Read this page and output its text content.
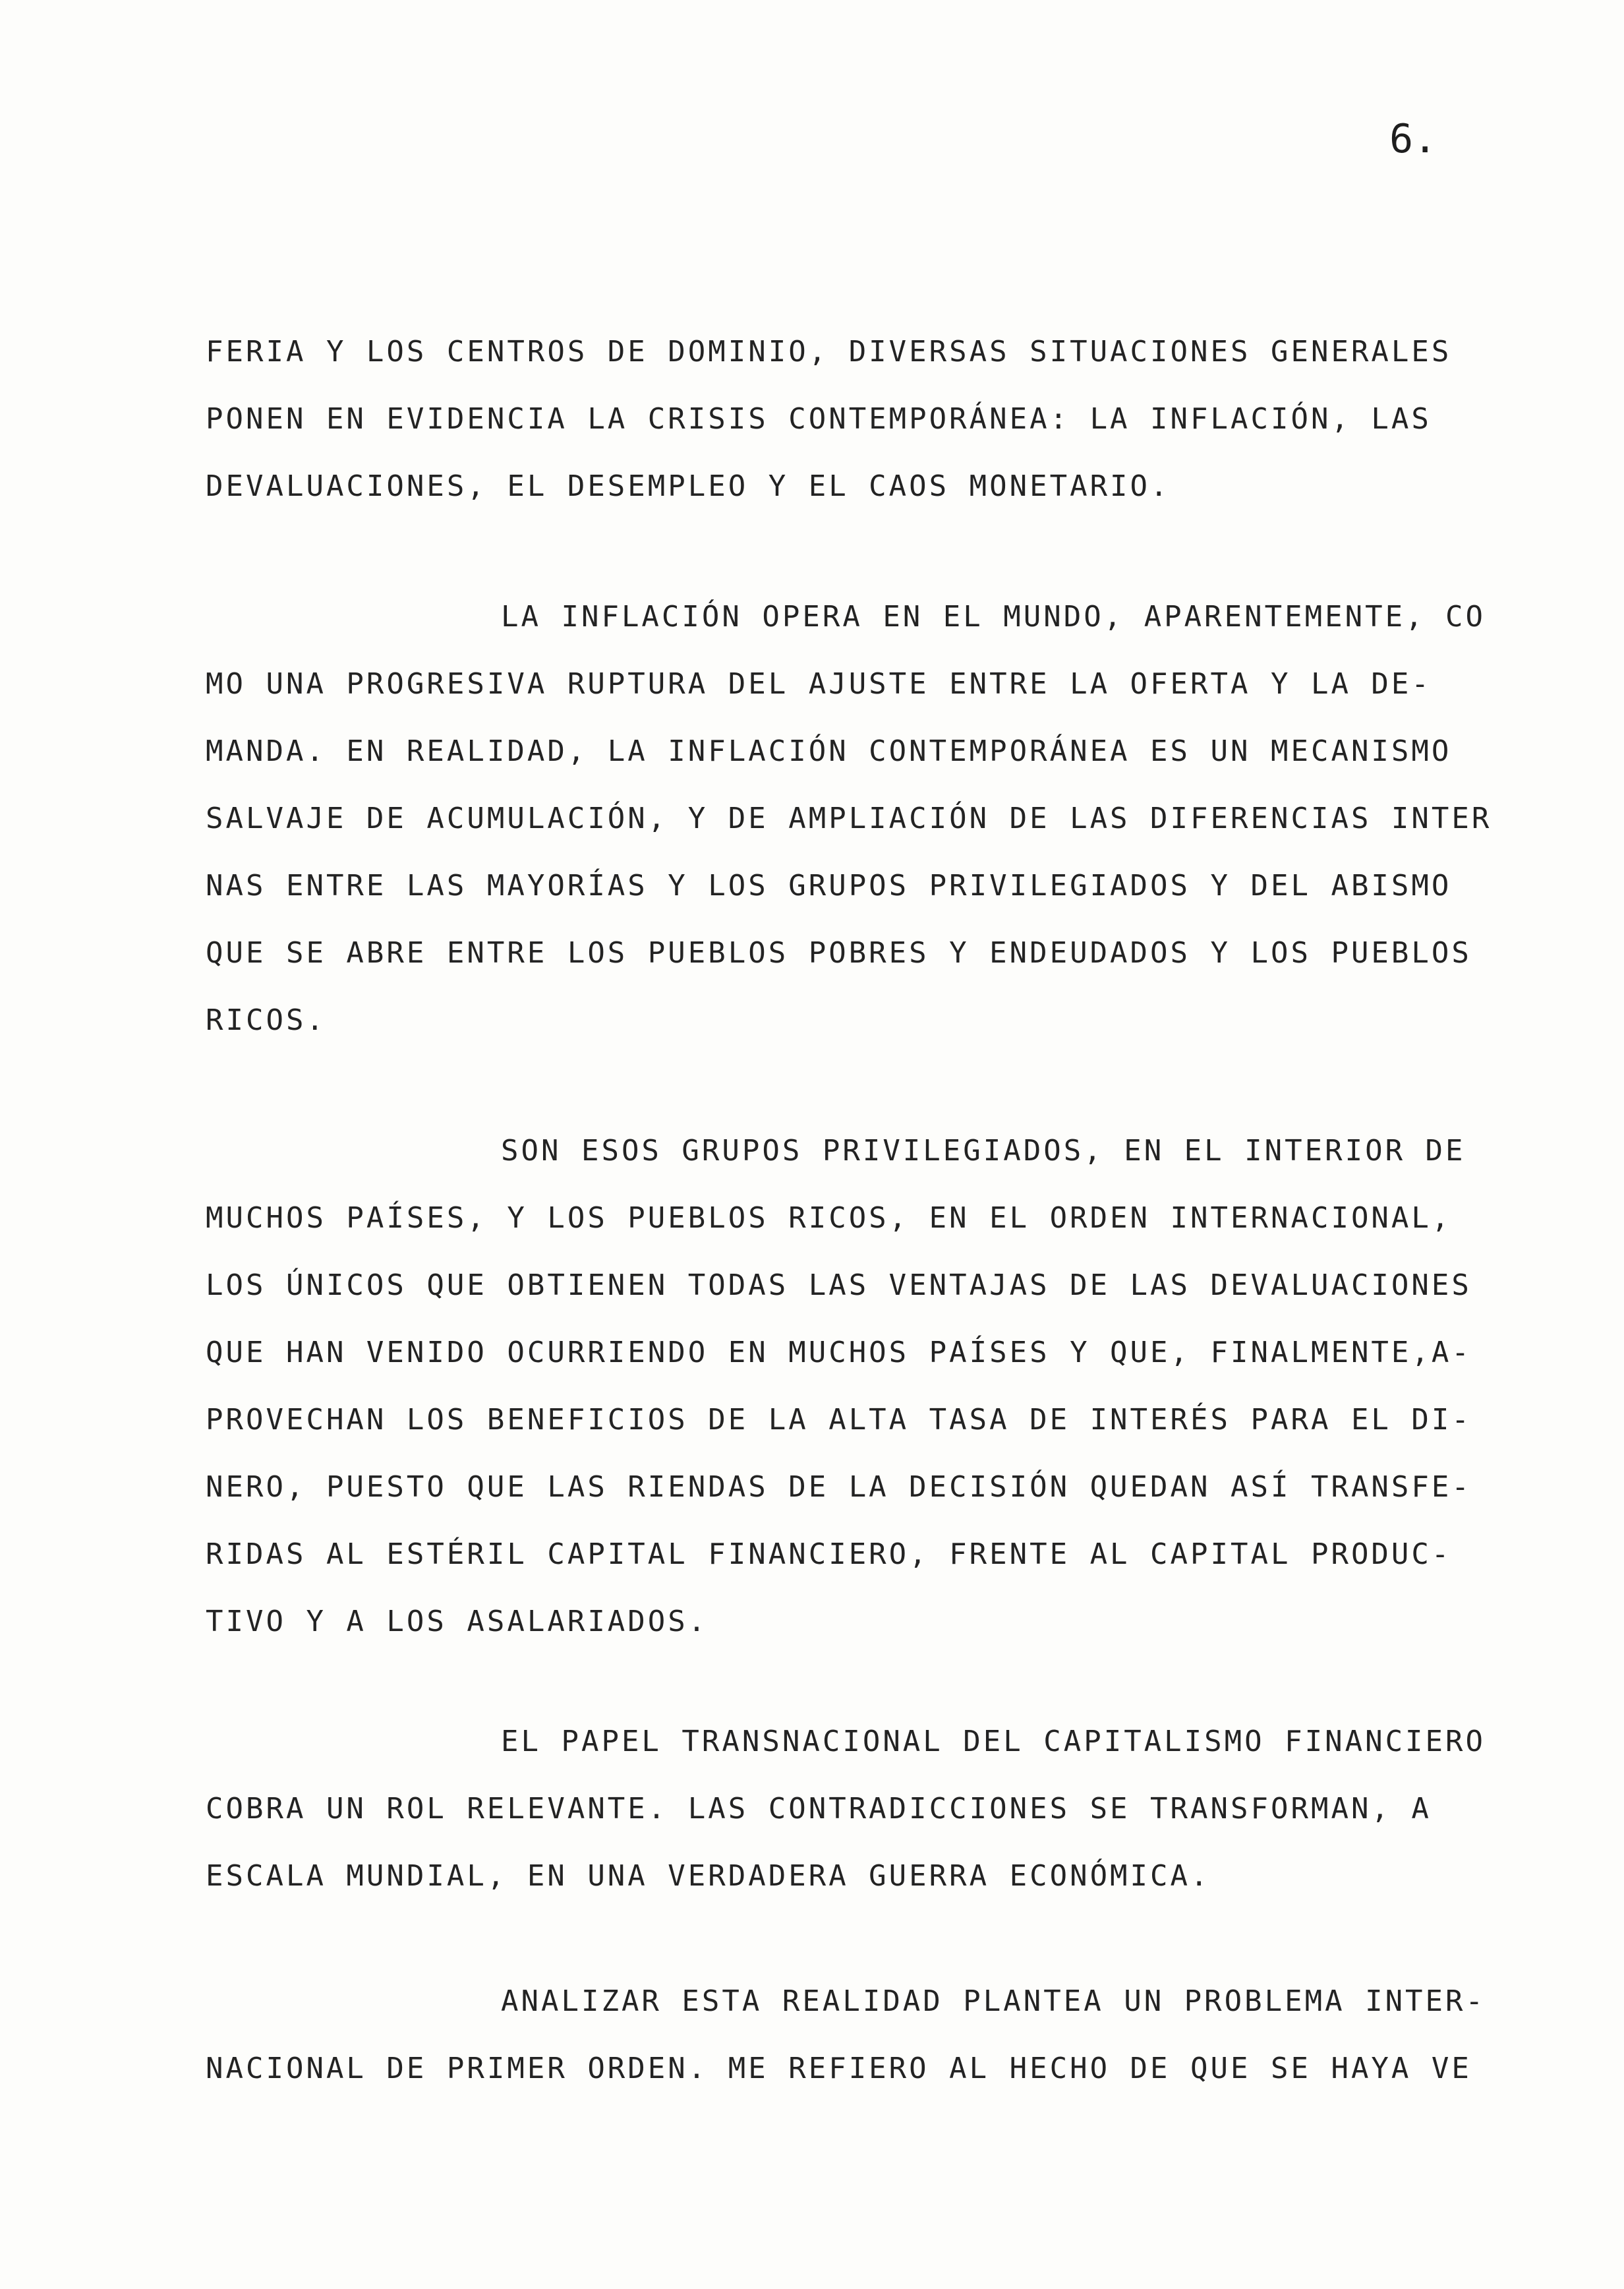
6.
FERIA Y LOS CENTROS DE DOMINIO, DIVERSAS SITUACIONES GENERALES
PONEN EN EVIDENCIA LA CRISIS CONTEMPORÁNEA: LA INFLACIÓN, LAS
DEVALUACIONES, EL DESEMPLEO Y EL CAOS MONETARIO.
LA INFLACIÓN OPERA EN EL MUNDO, APARENTEMENTE, CO
MO UNA PROGRESIVA RUPTURA DEL AJUSTE ENTRE LA OFERTA Y LA DE-
MANDA. EN REALIDAD, LA INFLACIÓN CONTEMPORÁNEA ES UN MECANISMO
SALVAJE DE ACUMULACIÓN, Y DE AMPLIACIÓN DE LAS DIFERENCIAS INTER
NAS ENTRE LAS MAYORÍAS Y LOS GRUPOS PRIVILEGIADOS Y DEL ABISMO
QUE SE ABRE ENTRE LOS PUEBLOS POBRES Y ENDEUDADOS Y LOS PUEBLOS
RICOS.
SON ESOS GRUPOS PRIVILEGIADOS, EN EL INTERIOR DE
MUCHOS PAÍSES, Y LOS PUEBLOS RICOS, EN EL ORDEN INTERNACIONAL,
LOS ÚNICOS QUE OBTIENEN TODAS LAS VENTAJAS DE LAS DEVALUACIONES
QUE HAN VENIDO OCURRIENDO EN MUCHOS PAÍSES Y QUE, FINALMENTE,A-
PROVECHAN LOS BENEFICIOS DE LA ALTA TASA DE INTERÉS PARA EL DI-
NERO, PUESTO QUE LAS RIENDAS DE LA DECISIÓN QUEDAN ASÍ TRANSFE-
RIDAS AL ESTÉRIL CAPITAL FINANCIERO, FRENTE AL CAPITAL PRODUC-
TIVO Y A LOS ASALARIADOS.
EL PAPEL TRANSNACIONAL DEL CAPITALISMO FINANCIERO
COBRA UN ROL RELEVANTE. LAS CONTRADICCIONES SE TRANSFORMAN, A
ESCALA MUNDIAL, EN UNA VERDADERA GUERRA ECONÓMICA.
ANALIZAR ESTA REALIDAD PLANTEA UN PROBLEMA INTER-
NACIONAL DE PRIMER ORDEN. ME REFIERO AL HECHO DE QUE SE HAYA VE
